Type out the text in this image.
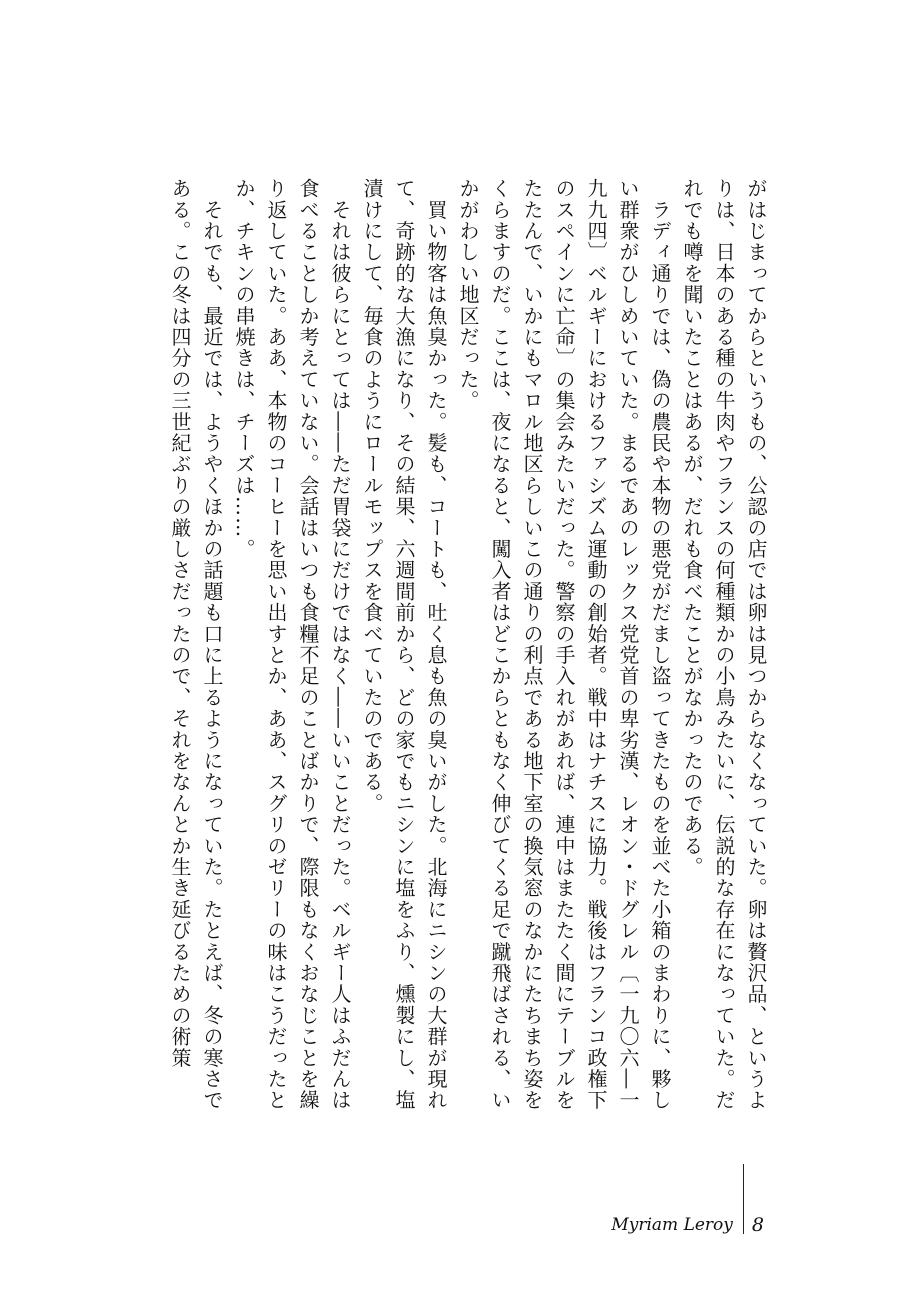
がはじまってからというもの、公認の店では卵は見つからなくなっていた。卵は贅沢品、というよりは、日本のある種の牛肉やフランスの何種類かの小鳥みたいに、伝説的な存在になっていた。だれでも噂を聞いたことはあるが、だれも食べたことがなかったのである。

　ラディ通りでは、偽の農民や本物の悪党がだまし盗ってきたものを並べた小箱のまわりに、夥しい群衆がひしめいていた。まるであのレックス党党首の卑劣漢、レオン・ドグレル〔一九〇六―一九九四〕ベルギーにおけるファシズム運動の創始者。戦中はナチスに協力。戦後はフランコ政権下のスペインに亡命〕の集会みたいだった。警察の手入れがあれば、連中はまたたく間にテーブルをたたんで、いかにもマロル地区らしいこの通りの利点である地下室の換気窓のなかにたちまち姿をくらますのだ。ここは、夜になると、闖入者はどこからともなく伸びてくる足で蹴飛ばされる、いかがわしい地区だった。

　買い物客は魚臭かった。髪も、コートも、吐く息も魚の臭いがした。北海にニシンの大群が現れて、奇跡的な大漁になり、その結果、六週間前から、どの家でもニシンに塩をふり、燻製にし、塩漬けにして、毎食のようにロールモップスを食べていたのである。

　それは彼らにとっては――ただ胃袋にだけではなく――いいことだった。ベルギー人はふだんは食べることしか考えていない。会話はいつも食糧不足のことばかりで、際限もなくおなじことを繰り返していた。ああ、本物のコーヒーを思い出すとか、ああ、スグリのゼリーの味はこうだったとか、チキンの串焼きは、チーズは……。

　それでも、最近では、ようやくほかの話題も口に上るようになっていた。たとえば、冬の寒さである。この冬は四分の三世紀ぶりの厳しさだったので、それをなんとか生き延びるための術策

Myriam Leroy 8
